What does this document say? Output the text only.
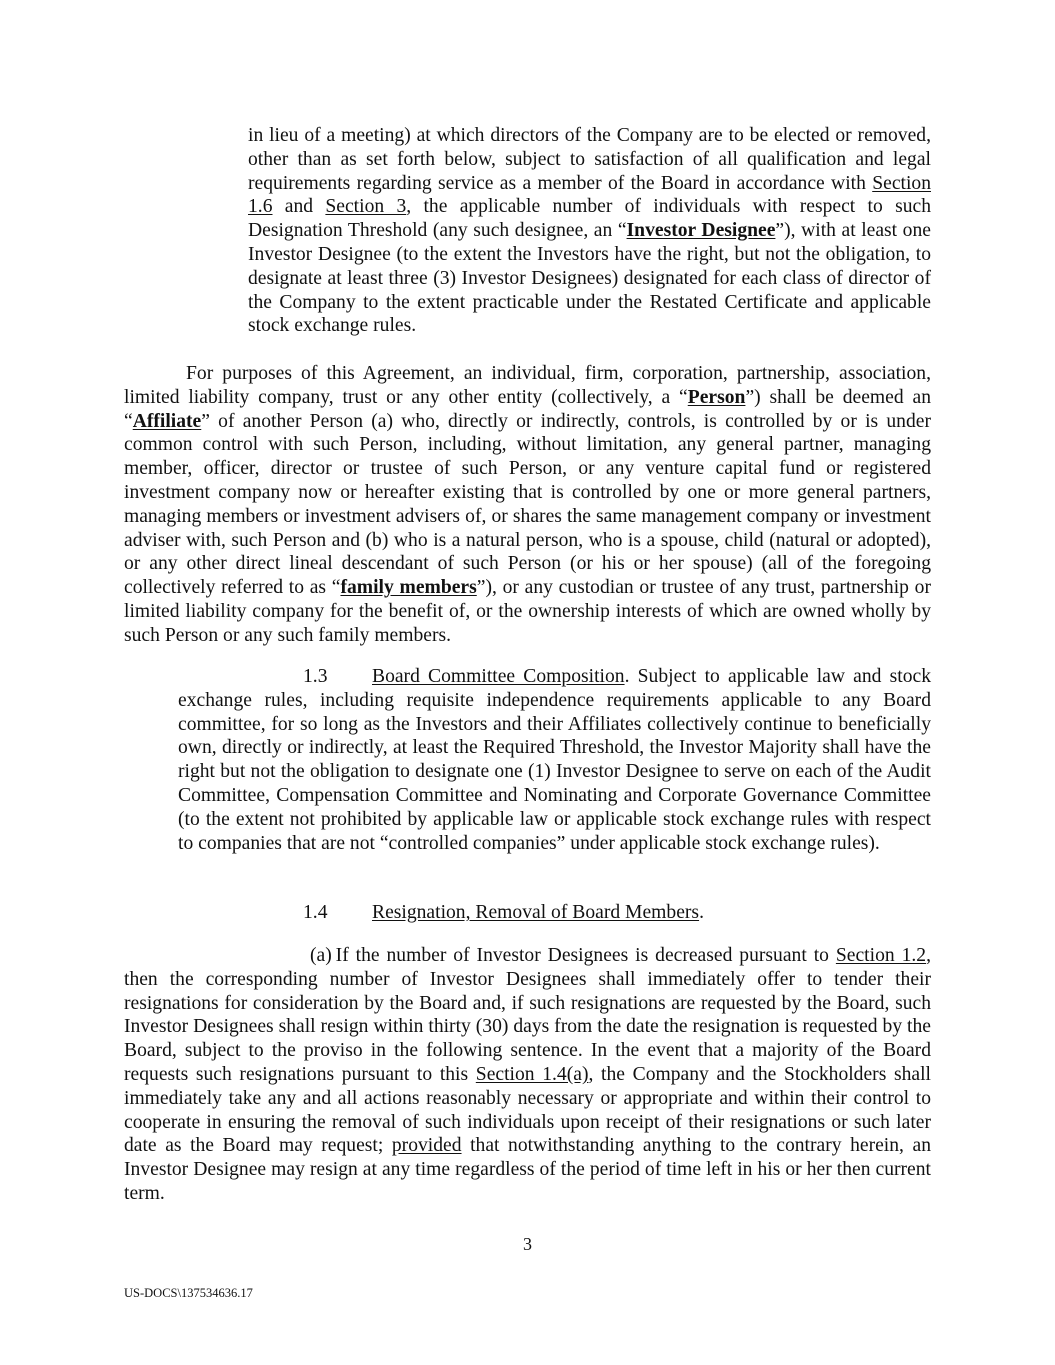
in lieu of a meeting) at which directors of the Company are to be elected or removed, other than as set forth below, subject to satisfaction of all qualification and legal requirements regarding service as a member of the Board in accordance with Section 1.6 and Section 3, the applicable number of individuals with respect to such Designation Threshold (any such designee, an “Investor Designee”), with at least one Investor Designee (to the extent the Investors have the right, but not the obligation, to designate at least three (3) Investor Designees) designated for each class of director of the Company to the extent practicable under the Restated Certificate and applicable stock exchange rules.

For purposes of this Agreement, an individual, firm, corporation, partnership, association, limited liability company, trust or any other entity (collectively, a “Person”) shall be deemed an “Affiliate” of another Person (a) who, directly or indirectly, controls, is controlled by or is under common control with such Person, including, without limitation, any general partner, managing member, officer, director or trustee of such Person, or any venture capital fund or registered investment company now or hereafter existing that is controlled by one or more general partners, managing members or investment advisers of, or shares the same management company or investment adviser with, such Person and (b) who is a natural person, who is a spouse, child (natural or adopted), or any other direct lineal descendant of such Person (or his or her spouse) (all of the foregoing collectively referred to as “family members”), or any custodian or trustee of any trust, partnership or limited liability company for the benefit of, or the ownership interests of which are owned wholly by such Person or any such family members.

1.3 Board Committee Composition. Subject to applicable law and stock exchange rules, including requisite independence requirements applicable to any Board committee, for so long as the Investors and their Affiliates collectively continue to beneficially own, directly or indirectly, at least the Required Threshold, the Investor Majority shall have the right but not the obligation to designate one (1) Investor Designee to serve on each of the Audit Committee, Compensation Committee and Nominating and Corporate Governance Committee (to the extent not prohibited by applicable law or applicable stock exchange rules with respect to companies that are not “controlled companies” under applicable stock exchange rules).

1.4 Resignation, Removal of Board Members.

(a) If the number of Investor Designees is decreased pursuant to Section 1.2, then the corresponding number of Investor Designees shall immediately offer to tender their resignations for consideration by the Board and, if such resignations are requested by the Board, such Investor Designees shall resign within thirty (30) days from the date the resignation is requested by the Board, subject to the proviso in the following sentence. In the event that a majority of the Board requests such resignations pursuant to this Section 1.4(a), the Company and the Stockholders shall immediately take any and all actions reasonably necessary or appropriate and within their control to cooperate in ensuring the removal of such individuals upon receipt of their resignations or such later date as the Board may request; provided that notwithstanding anything to the contrary herein, an Investor Designee may resign at any time regardless of the period of time left in his or her then current term.

3
US-DOCS\137534636.17
